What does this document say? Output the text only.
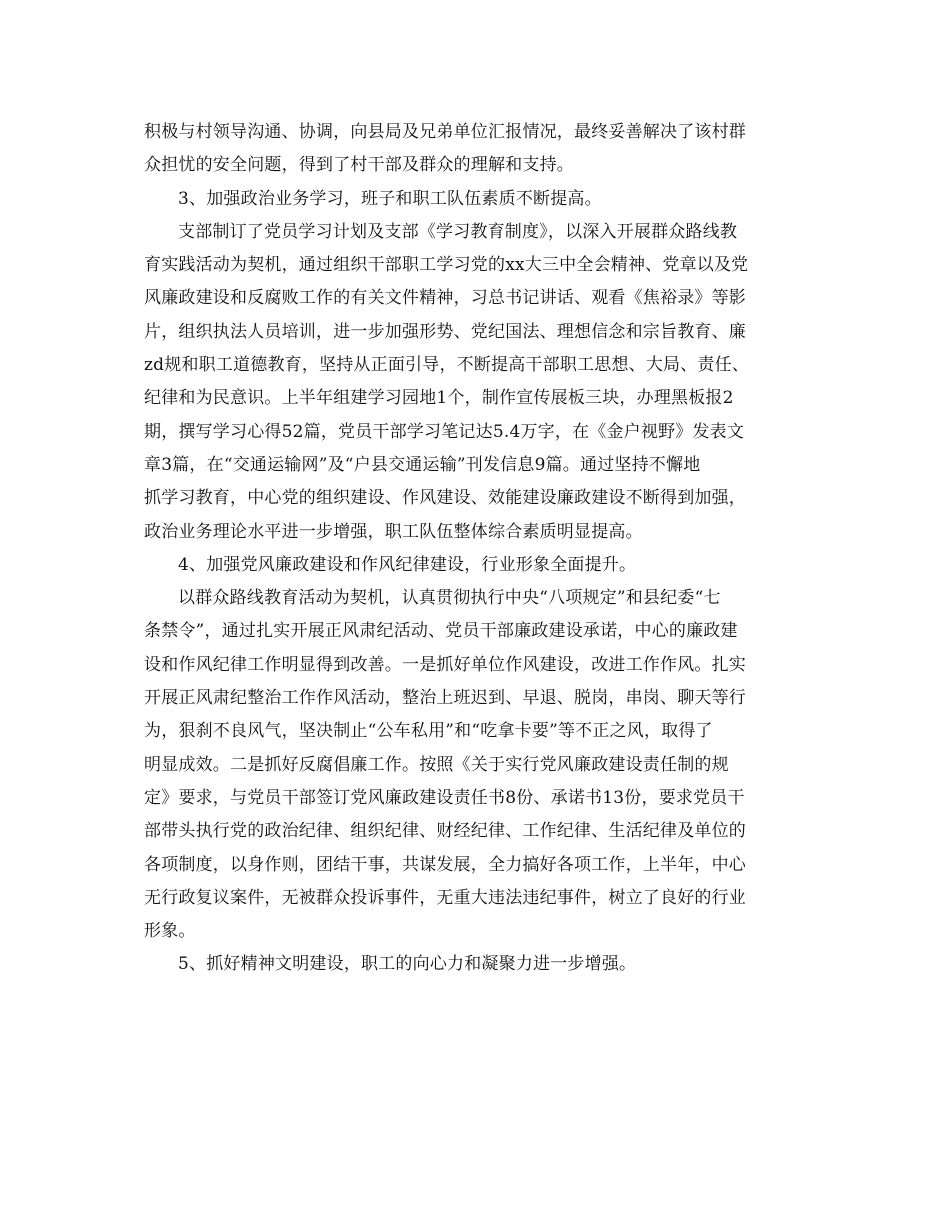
积极与村领导沟通、协调，向县局及兄弟单位汇报情况，最终妥善解决了该村群
众担忧的安全问题，得到了村干部及群众的理解和支持。

3、加强政治业务学习，班子和职工队伍素质不断提高。

支部制订了党员学习计划及支部《学习教育制度》，以深入开展群众路线教
育实践活动为契机，通过组织干部职工学习党的xx大三中全会精神、党章以及党
风廉政建设和反腐败工作的有关文件精神，习总书记讲话、观看《焦裕录》等影
片，组织执法人员培训，进一步加强形势、党纪国法、理想信念和宗旨教育、廉
zd规和职工道德教育，坚持从正面引导，不断提高干部职工思想、大局、责任、
纪律和为民意识。上半年组建学习园地1个，制作宣传展板三块，办理黑板报2
期，撰写学习心得52篇，党员干部学习笔记达5.4万字，在《金户视野》发表文
章3篇，在“交通运输网”及“户县交通运输”刊发信息9篇。通过坚持不懈地
抓学习教育，中心党的组织建设、作风建设、效能建设廉政建设不断得到加强，
政治业务理论水平进一步增强，职工队伍整体综合素质明显提高。

4、加强党风廉政建设和作风纪律建设，行业形象全面提升。

以群众路线教育活动为契机，认真贯彻执行中央“八项规定”和县纪委“七
条禁令”，通过扎实开展正风肃纪活动、党员干部廉政建设承诺，中心的廉政建
设和作风纪律工作明显得到改善。一是抓好单位作风建设，改进工作作风。扎实
开展正风肃纪整治工作作风活动，整治上班迟到、早退、脱岗，串岗、聊天等行
为，狠刹不良风气，坚决制止“公车私用”和“吃拿卡要”等不正之风，取得了
明显成效。二是抓好反腐倡廉工作。按照《关于实行党风廉政建设责任制的规
定》要求，与党员干部签订党风廉政建设责任书8份、承诺书13份，要求党员干
部带头执行党的政治纪律、组织纪律、财经纪律、工作纪律、生活纪律及单位的
各项制度，以身作则，团结干事，共谋发展，全力搞好各项工作，上半年，中心
无行政复议案件，无被群众投诉事件，无重大违法违纪事件，树立了良好的行业
形象。

5、抓好精神文明建设，职工的向心力和凝聚力进一步增强。
